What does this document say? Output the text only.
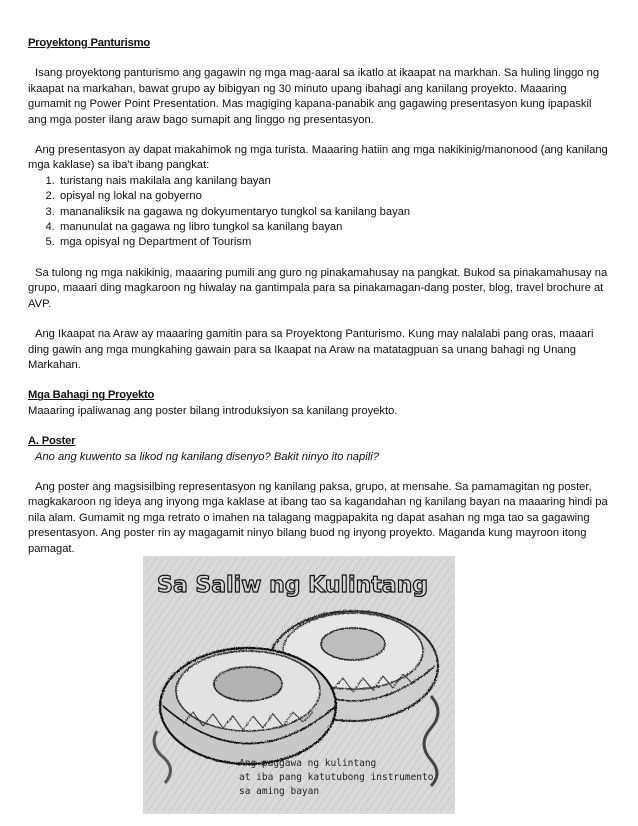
Proyektong Panturismo

Isang proyektong panturismo ang gagawin ng mga mag-aaral sa ikatlo at ikaapat na markhan. Sa huling linggo ng ikaapat na markahan, bawat grupo ay bibigyan ng 30 minuto upang ibahagi ang kanilang proyekto. Maaaring gumamit ng Power Point Presentation. Mas magiging kapana-panabik ang gagawing presentasyon kung ipapaskil ang mga poster ilang araw bago sumapit ang linggo ng presentasyon.

Ang presentasyon ay dapat makahimok ng mga turista. Maaaring hatiin ang mga nakikinig/manonood (ang kanilang mga kaklase) sa iba't ibang pangkat:

1. turistang nais makilala ang kanilang bayan
2. opisyal ng lokal na gobyerno
3. mananaliksik na gagawa ng dokyumentaryo tungkol sa kanilang bayan
4. manunulat na gagawa ng libro tungkol sa kanilang bayan
5. mga opisyal ng Department of Tourism

Sa tulong ng mga nakikinig, maaaring pumili ang guro ng pinakamahusay na pangkat. Bukod sa pinakamahusay na grupo, maaari ding magkaroon ng hiwalay na gantimpala para sa pinakamagan-dang poster, blog, travel brochure at AVP.

Ang Ikaapat na Araw ay maaaring gamitin para sa Proyektong Panturismo. Kung may nalalabi pang oras, maaari ding gawin ang mga mungkahing gawain para sa Ikaapat na Araw na matatagpuan sa unang bahagi ng Unang Markahan.

Mga Bahagi ng Proyekto

Maaaring ipaliwanag ang poster bilang introduksiyon sa kanilang proyekto.

A. Poster

Ano ang kuwento sa likod ng kanilang disenyo? Bakit ninyo ito napili?

Ang poster ang magsisilbing representasyon ng kanilang paksa, grupo, at mensahe. Sa pamamagitan ng poster, magkakaroon ng ideya ang inyong mga kaklase at ibang tao sa kagandahan ng kanilang bayan na maaaring hindi pa nila alam. Gumamit ng mga retrato o imahen na talagang magpapakita ng dapat asahan ng mga tao sa gagawing presentasyon. Ang poster rin ay magagamit ninyo bilang buod ng inyong proyekto. Maganda kung mayroon itong pamagat.

Sa Saliw ng Kulintang
Ang paggawa ng kulintang
at iba pang katutubong instrumento
sa aming bayan
